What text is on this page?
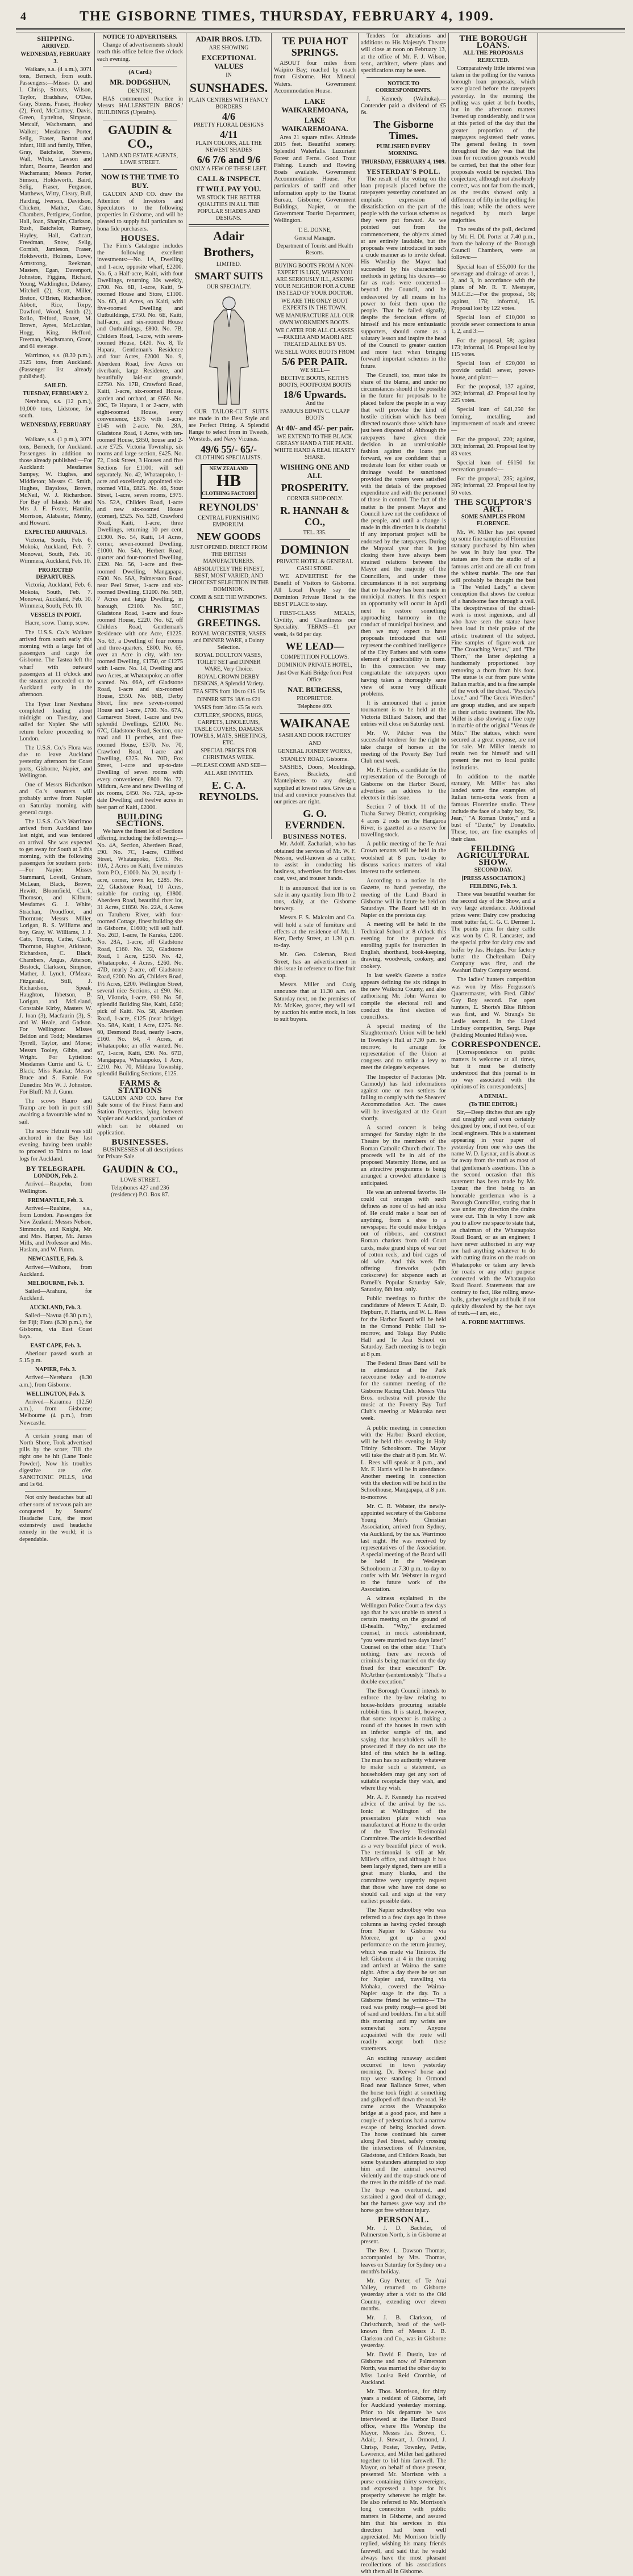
4	THE GISBORNE TIMES, THURSDAY, FEBRUARY 4, 1909.
SHIPPING.
ARRIVED.
WEDNESDAY, FEBRUARY 3.

Waikare, s.s. (4 a.m.), 3071 tons, Bernech, from south. Passengers:—Misses D. and I. Chrisp, Strouts, Wilson, Taylor, Bradshaw, O'Dea, Gray, Steens, Fraser, Hookey (2), Ford, McCartney, Davis, Green, Lyttelton, Simpson, Metcalf, Wachsmann, and Walker; Mesdames Porter, Selig, Fraser, Barton and infant, Hill and family, Tiffen, Gray, Batchelor, Stevens, Wall, White, Lawson and infant, Bourne, Beardon and Wachsmann; Messrs Porter, Simson, Holdsworth, Baird, Selig, Fraser, Ferguson, Matthews, Witty, Cleary, Bull, Harding, Iverson, Davidson, Chicken, Mather, Cato, Chambers, Pettigrew, Gordon, Hall, Ioan, Sharpin, Clarkson, Rush, Batchelor, Rumsey, Hayley, Hall, Cathcart, Freedman, Snow, Selig, Cornish, Jamieson, Fraser, Holdsworth, Holmes, Lowe, Armstrong, Reekman, Masters, Egan, Davenport, Johnston, Figgins, Richard, Young, Waddington, Delaney, Mitchell (2), Scott, Miller, Breton, O'Brien, Richardson, Abbott, Rice, Torpy, Dawford, Wood, Smith (2), Rollo, Telford, Baxter, M. Brown, Ayres, McLachlan, Hogg, King, Hefford, Freeman, Wachsmann, Grant, and 61 steerage.

Warrimoo, s.s. (8.30 p.m.), 3525 tons, from Auckland. (Passenger list already published).

SAILED.
TUESDAY, FEBRUARY 2.

Nerehana, s.s. (12 p.m.), 10,000 tons, Lidstone, for south.

WEDNESDAY, FEBRUARY 3.

Waikare, s.s. (1 p.m.), 3071 tons, Bernech, for Auckland. Passengers in addition to those already published:—For Auckland: Mesdames Sampey, W. Hughes, and Middleton; Messrs C. Smith, Hughes, Daysloss, Brown, McNeil, W. J. Richardson. For Bay of Islands: Mr and Mrs J. F. Foster, Hamlin, Morrison, Alabaster, Menny, and Howard.

EXPECTED ARRIVALS.

Victoria, South, Feb. 6. Mokoia, Auckland, Feb. 7. Monowai, South, Feb. 10. Wimmera, Auckland, Feb. 10.

PROJECTED DEPARTURES.

Victoria, Auckland, Feb. 6. Mokoia, South, Feb. 7. Monowai, Auckland, Feb. 10. Wimmera, South, Feb. 10.

VESSELS IN PORT.

Hacre, scow. Tramp, scow.

The U.S.S. Co.'s Waikare arrived from south early this morning with a large list of passengers and cargo for Gisborne. The Tastea left the wharf with outward passengers at 11 o'clock and the steamer proceeded on to Auckland early in the afternoon.

The Tyser liner Nerehana completed loading about midnight on Tuesday, and sailed for Napier. She will return before proceeding to London.

The U.S.S. Co.'s Flora was due to leave Auckland yesterday afternoon for Coast ports, Gisborne, Napier, and Wellington.

One of Messrs Richardson and Co.'s steamers will probably arrive from Napier on Saturday morning with general cargo.

The U.S.S. Co.'s Warrimoo arrived from Auckland late last night, and was tendered on arrival. She was expected to get away for South at 3 this morning, with the following passengers for southern ports:—For Napier: Misses Stammard, Lovell, Graham, McLean, Black, Brown, Hewitt, Bloomfield, Clark, Thomson, and Kilburn; Mesdames G. J. White, Strachan, Proudfoot, and Thornton; Messrs Miller, Lorigan, R. S. Williams and boy, Gray, W. Williams, J. J. Cato, Tromp, Cathe, Clark, Thornton, Hughes, Atkinson, Richardson, C. Black, Chambers, Angus, Atterson, Bostock, Clarkson, Simpson, Mather, J. Lynch, O'Meara, Fitzgerald, Still, J. Richardson, Speak, Haughton, Ibbetson, B. Lorigan, and McLeland, Constable Kirby, Masters W. J. Ioan (3), Macfaurin (3), S. and W. Heale, and Gadson. For Wellington: Misses Beldon and Todd; Mesdames Tyrrell, Taylor, and Morse; Messrs Tooley, Gibbs, and Wright. For Lyttelton: Mesdames Currie and G. C. Black; Miss Karaka; Messrs Bruce and S. Farnie. For Dunedin: Mrs W. J. Johnston. For Bluff: Mr J. Gunn.

The scows Hauro and Tramp are both in port still awaiting a favourable wind to sail.

The scow Hetraiti was still anchored in the Bay last evening, having been unable to proceed to Tairua to load logs for Auckland.

BY TELEGRAPH.
LONDON, Feb. 2.

Arrived—Ruapehu, from Wellington.

FREMANTLE, Feb. 3.

Arrived—Ruahine, s.s., from London. Passengers for New Zealand: Messrs Nelson, Simmonds, and Knight, Mr. and Mrs. Harper, Mr. James Mills, and Professor and Mrs. Haslam, and W. Pimm.

NEWCASTLE, Feb. 3.

Arrived—Waihora, from Auckland.

MELBOURNE, Feb. 3.

Sailed—Arahura, for Auckland.

AUCKLAND, Feb. 3.

Sailed—Navua (6.30 p.m.), for Fiji; Flora (6.30 p.m.), for Gisborne, via East Coast bays.

EAST CAPE, Feb. 3.

Aberlour passed south at 5.15 p.m.

NAPIER, Feb. 3.

Arrived—Nerehana (8.30 a.m.), from Gisborne.

WELLINGTON, Feb. 3.

Arrived—Karamea (12.50 a.m.), from Gisborne; Melbourne (4 p.m.), from Newcastle.

A certain young man of North Shore, Took advertised pills by the score; Till the right one he hit (Lane Tonic Powder), Now his troubles digestive are o'er. SANOTONIC PILLS, 1/0d and 1s 6d.

Not only headaches but all other sorts of nervous pain are conquered by Stearns' Headache Cure, the most extensively used headache remedy in the world; it is dependable.

NOTICE TO ADVERTISERS.

Change of advertisements should reach this office before five o'clock each evening.

(A Card.)
MR. DODGSHUN,
DENTIST,

HAS commenced Practice in Messrs HALLENSTEIN BROS.' BUILDINGS (Upstairs).

GAUDIN & CO.,
LAND AND ESTATE AGENTS, LOWE STREET.
NOW IS THE TIME TO BUY.

GAUDIN AND CO. draw the Attention of Investors and Speculators to the following properties in Gisborne, and will be pleased to supply full particulars to bona fide purchasers.

HOUSES.

The Firm's Catalogue includes the following excellent investments:—No. 1A, Dwelling and 1-acre, opposite wharf, £2200. No. 6, a Half-acre, Kaiti, with four Dwellings, returning 30s weekly, £700. No. 6B, 1-acre, Kaiti, 9-roomed House and Store, £1100. No. 6D, 41 Acres, on Kaiti, with five-roomed Dwelling and Outbuildings, £750. No. 6E, Kaiti, half-acre, and six-roomed House and Outbuildings, £800. No. 7B, Childers Road, 1-acre, with seven-roomed House, £420. No. 8, Te Hapara, Gentleman's Residence and four Acres, £2000. No. 9, Aberdeen Road, five Acres on riverbank, large Residence, and beautifully laid-out grounds, £2750. No. 17B, Crawford Road, Kaiti, 1-acre, six-roomed House, garden and orchard, at £650. No. 20C, Te Hapara, 1 or 2-acre, with eight-roomed House, every convenience, £875 with 1-acre, £145 with 2-acre. No. 28A, Gladstone Road, 1 Acres, with ten-roomed House, £850, house and 2-acre £725. Victoria Township, six rooms and large section, £425. No. 72, Cook Street, 3 Houses and five Sections for £1100; will sell separately. No. 42, Whataupoko, 1-acre and excellently appointed six-roomed Villa, £825. No. 46, Stout Street, 1-acre, seven rooms, £975. No. 52A, Childers Road, 1-acre and new six-roomed House (corner), £525. No. 52B, Crawford Road, Kaiti, 1-acre, three Dwellings, returning 10 per cent, £1300. No. 54, Kaiti, 14 Acres, corner, seven-roomed Dwelling, £1000. No. 54A, Herbert Road, quarter and four-roomed Dwelling, £320. No. 56, 1-acre and five-roomed Dwelling, Mangapapa, £500. No. 56A, Palmerston Road, near Peel Street, 1-acre and six-roomed Dwelling, £1200. No. 56B, 7 Acres and large Dwelling, in borough, £2100. No. 59C, Gladstone Road, 1-acre and four-roomed House, £220. No. 62, off Childers Road, Gentleman's Residence with one Acre, £1225. No. 63, a Dwelling of four rooms and three-quarters, £800. No. 65, over an Acre in city, with ten-roomed Dwelling, £1750, or £1275 with 1-acre. No. 14, Dwelling and two Acres, at Whataupoko; an offer wanted. No. 66A, off Gladstone Road, 1-acre and six-roomed House, £550. No. 66B, Derby Street, fine new seven-roomed House and 1-acre, £700. No. 67A, Carnarvon Street, 1-acre and two splendid Dwellings, £2100. No. 67C, Gladstone Road, Section, one road and 11 perches, and five-roomed House, £370. No. 70, Crawford Road, 1-acre and Dwelling, £325. No. 70D, Fox Street, 1-acre and up-to-date Dwelling of seven rooms with every convenience, £800. No. 72, Mildura, Acre and new Dwelling of six rooms, £450. No. 72A, up-to-date Dwelling and twelve acres in best part of Kaiti, £2000.

BUILDING SECTIONS.

We have the finest lot of Sections offering, including the following:—No. 4A, Section, Aberdeen Road, £90. No. 7C, 1-acre, Clifford Street, Whataupoko, £105. No. 10A, 2 Acres on Kaiti, five minutes from P.O., £1000. No. 20, nearly 1-acre, corner, town lot, £285. No. 22, Gladstone Road, 10 Acres, suitable for cutting up, £1800. Aberdeen Road, beautiful river lot, 31 Acres, £1850. No. 22A, 4 Acres on Taruheru River, with four-roomed Cottage, finest building site in Gisborne, £1600; will sell half. No. 26D, 1-acre, Te Karaka, £200. No. 28A, 1-acre, off Gladstone Road, £160. No. 32, Gladstone Road, 1 Acre, £250. No. 42, Whataupoko, 4 Acres, £260. No. 47D, nearly 2-acre, off Gladstone Road, £200. No. 46, Childers Road, 1½ Acres, £200. Wellington Street, several nice Sections, at £90. No. 50, Viktoria, 1-acre, £90. No. 56, splendid Building Site, Kaiti, £450; pick of Kaiti. No. 58, Aberdeen Road, 1-acre, £125 (near bridge). No. 58A, Kaiti, 1 Acre, £275. No. 60, Desmond Road, nearly 1-acre, £160. No. 64, 4 Acres, at Whataupoko; an offer wanted. No. 67, 1-acre, Kaiti, £90. No. 67D, Mangapapa, Whataupoko, 1 Acre, £210. No. 70, Mildura Township, splendid Building Sections, £125.

FARMS & STATIONS

GAUDIN AND CO. have For Sale some of the Finest Farm and Station Properties, lying between Napier and Auckland, particulars of which can be obtained on application.

BUSINESSES.

BUSINESSES of all descriptions for Private Sale.

GAUDIN & CO.,
LOWE STREET.

Telephones 427 and 236 (residence) P.O. Box 87.

ADAIR BROS. LTD.
ARE SHOWING
EXCEPTIONAL VALUES
IN
SUNSHADES.
PLAIN CENTRES WITH FANCY BORDERS
4/6
PRETTY FLORAL DESIGNS
4/11
PLAIN COLORS, ALL THE NEWEST SHADES
6/6 7/6 and 9/6
ONLY A FEW OF THESE LEFT.
CALL & INSPECT.
IT WILL PAY YOU.
WE STOCK THE BETTER QUALITIES IN ALL THE POPULAR SHADES AND DESIGNS.
Adair
Brothers,
LIMITED.
SMART SUITS
OUR SPECIALTY.

OUR TAILOR-CUT SUITS are made in the Best Style and are Perfect Fitting. A Splendid Range to select from in Tweeds, Worsteds, and Navy Vicunas.

49/6 55/- 65/-
CLOTHING SPECIALISTS.
NEW ZEALAND
HB
CLOTHING FACTORY
REYNOLDS'
CENTRAL FURNISHING EMPORIUM.
NEW GOODS
JUST OPENED. DIRECT FROM THE BRITISH MANUFACTURERS.
ABSOLUTELY THE FINEST, BEST, MOST VARIED, AND CHOICEST SELECTION IN THE DOMINION.
COME & SEE THE WINDOWS.
CHRISTMAS
GREETINGS.
ROYAL WORCESTER, VASES and DINNER WARE, a Dainty Selection.
ROYAL DOULTON VASES, TOILET SET and DINNER WARE, Very Choice.
ROYAL CROWN DERBY DESIGNS, A Splendid Variety.
TEA SETS from 10s to £15 15s
DINNER SETS 18/6 to £21
VASES from 3d to £5 5s each.
CUTLERY, SPOONS, RUGS, CARPETS, LINOLEUMS, TABLE COVERS, DAMASK TOWELS, MATS, SHEETINGS, ETC.
SPECIAL PRICES FOR CHRISTMAS WEEK.
—PLEASE COME AND SEE—
ALL ARE INVITED.
E. C. A. REYNOLDS.
TE PUIA HOT SPRINGS.

ABOUT four miles from Waipiro Bay; reached by coach from Gisborne. Hot Mineral Waters. Government Accommodation House.

LAKE WAIKAREMOANA,
LAKE WAIKAREMOANA.

Area 21 square miles. Altitude 2015 feet. Beautiful scenery. Splendid Waterfalls. Luxuriant Forest and Ferns. Good Trout Fishing. Launch and Rowing Boats available. Government Accommodation House. For particulars of tariff and other information apply to the Tourist Bureau, Gisborne; Government Buildings, Napier, or the Government Tourist Department, Wellington.

T. E. DONNE,
General Manager.
Department of Tourist and Health Resorts.
BUYING BOOTS FROM A NON-EXPERT IS LIKE, WHEN YOU ARE SERIOUSLY ILL, ASKING YOUR NEIGHBOR FOR A CURE INSTEAD OF YOUR DOCTOR.
WE ARE THE ONLY BOOT EXPERTS IN THE TOWN.
WE MANUFACTURE ALL OUR OWN WORKMEN'S BOOTS.
WE CATER FOR ALL CLASSES—PAKEHA AND MAORI ARE TREATED ALIKE BY US.
WE SELL WORK BOOTS FROM
5/6 PER PAIR.
WE SELL—
BECTIVE BOOTS, KEITH'S BOOTS, FOOTFORM BOOTS
18/6 Upwards.
And the
FAMOUS EDWIN C. CLAPP BOOTS
At 40/- and 45/- per pair.
WE EXTEND TO THE BLACK GREASY HAND A THE PEARL WHITE HAND A REAL HEARTY SHAKE.
WISHING ONE AND ALL
PROSPERITY.
CORNER SHOP ONLY.
R. HANNAH & CO.,
TEL. 335.
DOMINION
PRIVATE HOTEL & GENERAL CASH STORE.

WE ADVERTISE for the Benefit of Visitors to Gisborne. All Local People say the Dominion Private Hotel is the BEST PLACE to stay.

FIRST-CLASS MEALS, Civility, and Cleanliness our Speciality. TERMS—£1 per week, 4s 6d per day.

WE LEAD—
COMPETITION FOLLOWS.
DOMINION PRIVATE HOTEL,
Just Over Kaiti Bridge from Post Office.
NAT. BURGESS,
PROPRIETOR.
Telephone 409.
WAIKANAE
SASH AND DOOR FACTORY
AND
GENERAL JOINERY WORKS,
STANLEY ROAD, Gisborne.

SASHES, Doors, Mouldings, Eaves, Brackets, and Mantelpieces to any design, supplied at lowest rates. Give us a trial and convince yourselves that our prices are right.

G. O. EVERNDEN.
BUSINESS NOTES.

Mr. Adolf. Zachariah, who has obtained the services of Mr. W. F. Nesson, well-known as a cutter, to assist in conducting his business, advertises for first-class coat, vest, and trouser hands.

It is announced that ice is on sale in any quantity from 1lb to 2 tons, daily, at the Gisborne brewery.

Messrs F. S. Malcolm and Co. will hold a sale of furniture and effects at the residence of Mr. J. Kerr, Derby Street, at 1.30 p.m. to-day.

Mr. Geo. Coleman, Read Street, has an advertisement in this issue in reference to fine fruit shop.

Messrs Miller and Craig announce that at 11.30 a.m. on Saturday next, on the premises of Mr. McKee, grocer, they will sell by auction his entire stock, in lots to suit buyers.

Tenders for alterations and additions to His Majesty's Theatre will close at noon on February 13, at the office of Mr. F. J. Wilson, senr., architect, where plans and specifications may be seen.

NOTICE TO CORRESPONDENTS.

J. Kennedy (Waihuka).—Contender paid a dividend of £5 6s.

The Gisborne Times.
PUBLISHED EVERY MORNING.
THURSDAY, FEBRUARY 4, 1909.
YESTERDAY'S POLL.

The result of the voting on the loan proposals placed before the ratepayers yesterday constituted an emphatic expression of dissatisfaction on the part of the people with the various schemes as they were put forward. As we pointed out from the commencement, the objects aimed at are entirely laudable, but the proposals were introduced in such a crude manner as to invite defeat. His Worship the Mayor had succeeded by his characteristic methods in getting his desires—so far as roads were concerned—beyond the Council, and he endeavored by all means in his power to foist them upon the people. That he failed signally, despite the ferocious efforts of himself and his more enthusiastic supporters, should come as a salutary lesson and inspire the head of the Council to greater caution and more tact when bringing forward important schemes in the future.

The Council, too, must take its share of the blame, and under no circumstances should it be possible in the future for proposals to be placed before the people in a way that will provoke the kind of hostile criticism which has been directed towards those which have just been disposed of. Although the ratepayers have given their decision in an unmistakable fashion against the loans put forward, we are confident that a moderate loan for either roads or drainage would be sanctioned provided the voters were satisfied with the details of the proposed expenditure and with the personnel of those in control. The fact of the matter is the present Mayor and Council have not the confidence of the people, and until a change is made in this direction it is doubtful if any important project will be endorsed by the ratepayers. During the Mayoral year that is just closing there have always been strained relations between the Mayor and the majority of the Councillors, and under these circumstances it is not surprising that no headway has been made in municipal matters. In this respect an opportunity will occur in April next to restore something approaching harmony in the conduct of municipal business, and then we may expect to have proposals introduced that will represent the combined intelligence of the City Fathers and with some element of practicability in them. In this connection we may congratulate the ratepayers upon having taken a thoroughly sane view of some very difficult problems.

It is announced that a junior tournament is to be held at the Victoria Billiard Saloon, and that entries will close on Saturday next.

Mr. W. Pilcher was the successful tenderer for the right to take charge of horses at the meeting of the Poverty Bay Turf Club next week.

Mr. F. Harris, a candidate for the representation of the Borough of Gisborne on the Harbor Board, advertises an address to the electors in this issue.

Section 7 of block 11 of the Tuaha Survey District, comprising 4 acres 2 rods on the Hangaroa River, is gazetted as a reserve for travelling stock.

A public meeting of the Te Arai Crown tenants will be held in the woolshed at 8 p.m. to-day to discuss various matters of vital interest to the settlement.

According to a notice in the Gazette, to hand yesterday, the meeting of the Land Board in Gisborne will in future be held on Saturdays. The Board will sit in Napier on the previous day.

A meeting will be held in the Technical School at 8 o'clock this evening for the purpose of enrolling pupils for instruction in English, shorthand, book-keeping, drawing, woodwork, cookery, and cookery.

In last week's Gazette a notice appears defining the six ridings in the new Waikohu County, and also authorising Mr. John Warren to compile the electoral roll and conduct the first election of councillors.

A special meeting of the Slaughtermen's Union will be held in Townley's Hall at 7.30 p.m. to-morrow, to arrange for representation of the Union at congress and to strike a levy to meet the delegate's expenses.

The Inspector of Factories (Mr. Carmody) has laid informations against one or two settlers for failing to comply with the Shearers' Accommodation Act. The cases will be investigated at the Court shortly.

A sacred concert is being arranged for Sunday night in the Theatre by the members of the Roman Catholic Church choir. The proceeds will be in aid of the proposed Maternity Home, and as an attractive programme is being arranged a crowded attendance is anticipated.

He was an universal favorite. He could cut oranges with such deftness as none of us had an idea of. He could make a boat out of anything, from a shoe to a newspaper. He could make bridges out of ribbons, and construct Roman chariots from old Court cards, make grand ships of war out of cotton reels, and bird cages of old wire. And this week I'm offering fireworks (with corkscrew) for sixpence each at Parnell's Popular Saturday Sale, Saturday, 6th inst. only.

Public meetings to further the candidature of Messrs T. Adair, D. Hepburn, F. Harris, and W. L. Rees for the Harbor Board will be held in the Ormond Public Hall to-morrow, and Tolaga Bay Public Hall and Te Arai School on Saturday. Each meeting is to begin at 8 p.m.

The Federal Brass Band will be in attendance at the Park racecourse today and to-morrow for the summer meeting of the Gisborne Racing Club. Messrs Vita Bros. orchestra will provide the music at the Poverty Bay Turf Club's meeting at Makaraka next week.

A public meeting, in connection with the Harbor Board election, will be held this evening in Holy Trinity Schoolroom. The Mayor will take the chair at 8 p.m. Mr. W. L. Rees will speak at 8 p.m., and Mr. F. Harris will be in attendance. Another meeting in connection with the election will be held in the Schoolhouse, Mangapapa, at 8 p.m. to-morrow.

Mr. C. R. Webster, the newly-appointed secretary of the Gisborne Young Men's Christian Association, arrived from Sydney, via Auckland, by the s.s. Warrimoo last night. He was received by representatives of the Association. A special meeting of the Board will be held in the Wesleyan Schoolroom at 7.30 p.m. to-day to confer with Mr. Webster in regard to the future work of the Association.

A witness explained in the Wellington Police Court a few days ago that he was unable to attend a certain meeting on the ground of ill-health. "Why," exclaimed counsel, in mock astonishment, "you were married two days later!" Counsel on the other side: "That's nothing; there are records of criminals being married on the day fixed for their execution!" Dr. McArthur (sententiously): "That's a double execution."

The Borough Council intends to enforce the by-law relating to house-holders procuring suitable rubbish tins. It is stated, however, that some inspector is making a round of the houses in town with an inferior sample of tin, and saying that householders will be prosecuted if they do not use the kind of tins which he is selling. The man has no authority whatever to make such a statement, as householders may get any sort of suitable receptacle they wish, and where they wish.

Mr. A. F. Kennedy has received advice of the arrival by the s.s. Ionic at Wellington of the presentation plate which was manufactured at Home to the order of the Townley Testimonial Committee. The article is described as a very beautiful piece of work. The testimonial is still at Mr. Miller's office, and although it has been largely signed, there are still a great many blanks, and the committee very urgently request that those who have not done so should call and sign at the very earliest possible date.

The Napier schoolboy who was referred to a few days ago in these columns as having cycled through from Napier to Gisborne via Moreee, got up a good performance on the return journey, which was made via Tiniroto. He left Gisborne at 4 in the morning and arrived at Wairoa the same night. After a day there he set out for Napier and, travelling via Mohaka, covered the Wairoa-Napier stage in the day. To a Gisborne friend he writes:—"The road was pretty rough—a good bit of sand and boulders. I'm a bit stiff this morning and my wrists are somewhat sore." Anyone acquainted with the route will readily accept both these statements.

An exciting runaway accident occurred in town yesterday morning. Dr. Reeves' horse and trap were standing in Ormond Road near Ballance Street, when the horse took fright at something and galloped off down the road. He came across the Whataupoko bridge at a good pace, and here a couple of pedestrians had a narrow escape of being knocked down. The horse continued his career along Peel Street, safely crossing the intersections of Palmerston, Gladstone, and Childers Roads, but some bystanders attempted to stop him and the animal swerved violently and the trap struck one of the trees in the middle of the road. The trap was overturned, and sustained a good deal of damage, but the harness gave way and the horse got free without injury.

PERSONAL.

Mr. J. D. Bacheler, of Palmerston North, is in Gisborne at present.

The Rev. L. Dawson Thomas, accompanied by Mrs. Thomas, leaves on Saturday for Sydney on a month's holiday.

Mr. Guy Porter, of Te Arai Valley, returned to Gisborne yesterday after a visit to the Old Country, extending over eleven months.

Mr. J. B. Clarkson, of Christchurch, head of the well-known firm of Messrs J. B. Clarkson and Co., was in Gisborne yesterday.

Mr. David E. Dustin, late of Gisborne and now of Palmerston North, was married the other day to Miss Louisa Reid Crombie, of Auckland.

Mr. Thos. Morrison, for thirty years a resident of Gisborne, left for Auckland yesterday morning. Prior to his departure he was interviewed at the Harbor Board office, where His Worship the Mayor, Messrs Jas. Brown, C. Adair, J. Stewart, J. Ormond, J. Chrisp, Foster, Townley, Pettie, Lawrence, and Miller had gathered together to bid him farewell. The Mayor, on behalf of those present, presented Mr. Morrison with a purse containing thirty sovereigns, and expressed a hope for his prosperity wherever he might be. He also referred to Mr. Morrison's long connection with public matters in Gisborne, and assured him that his services in this direction had been well appreciated. Mr. Morrison briefly replied, wishing his many friends farewell, and said that he would always have the most pleasant recollections of his associations with them all in Gisborne.

THE BOROUGH LOANS.
ALL THE PROPOSALS REJECTED.

Comparatively little interest was taken in the polling for the various borough loan proposals, which were placed before the ratepayers yesterday. In the morning the polling was quiet at both booths, but in the afternoon matters livened up considerably, and it was at this period of the day that the greater proportion of the ratepayers registered their votes. The general feeling in town throughout the day was that the loan for recreation grounds would be carried, but that the other four proposals would be rejected. This conjecture, although not absolutely correct, was not far from the mark, as the results showed only a difference of fifty in the polling for this loan; while the others were negatived by much larger majorities.

The results of the poll, declared by Mr. H. DL Porter at 7.40 p.m., from the balcony of the Borough Council Chambers, were as follows:—

Special loan of £55,000 for the sewerage and drainage of areas 1, 2, and 3, in accordance with the plans of Mr. R. T. Mestayer, M.I.C.E.:—For the proposal, 56; against, 178; informal, 15. Proposal lost by 122 votes.

Special loan of £10,000 to provide sewer connections to areas 1, 2, and 3:—

For the proposal, 58; against 173; informal, 16. Proposal lost by 115 votes.

Special loan of £20,000 to provide outfall sewer, power-house, and plant:—

For the proposal, 137 against, 262; informal, 42. Proposal lost by 225 votes.

Special loan of £41,250 for forming, metalling, and improvement of roads and streets:—

For the proposal, 220; against, 303; informal, 20. Proposal lost by 83 votes.

Special loan of £6150 for recreation grounds:—

For the proposal, 235; against, 285; informal, 22. Proposal lost by 50 votes.

THE SCULPTOR'S ART.
SOME SAMPLES FROM FLORENCE.

Mr. W. Miller has just opened up some fine samples of Florentine statuary purchased by him when he was in Italy last year. The statues are from the studio of a famous artist and are all cut from the whitest marble. The one that will probably be thought the best is "The Veiled Lady," a clever conception that shows the contour of a handsome face through a veil. The deceptiveness of the chisel-work is most ingenious, and all who have seen the statue have been loud in their praise of the artistic treatment of the subject. Fine samples of figure-work are "The Crouching Venus," and "The Thorn," the latter depicting a handsomely proportioned boy removing a thorn from his foot. The statue is cut from pure white Italian marble, and is a fine sample of the work of the chisel. "Psyche's Love," and "The Greek Wrestlers" are group studies, and are superb in their artistic treatment. The Mr. Miller is also showing a fine copy in marble of the original "Venus de Milo." The statues, which were secured at a great expense, are not for sale. Mr. Miller intends to retain two for himself and will present the rest to local public institutions.

In addition to the marble statuary, Mr. Miller has also landed some fine examples of Italian terra-cotta work from a famous Florentine studio. These include the face of a baby boy, "St. Jean," "A Roman Orator," and a bust of "Dante," by Donatello. These, too, are fine examples of their class.

FEILDING AGRICULTURAL SHOW.
SECOND DAY.
[PRESS ASSOCIATION.]
FEILDING, Feb. 3.

There was beautiful weather for the second day of the Show, and a very large attendance. Additional prizes were: Dairy cow producing most butter fat, C. G. C. Dermer 1. The points prize for dairy cattle was won by C. R. Lancaster, and the special prize for dairy cow and heifer by Jas. Hodges. For factory butter the Cheltenham Dairy Company was first, and the Awahuri Dairy Company second.

The ladies' hunters competition was won by Miss Fergusson's Quartermaster, with Fred. Gibbs' Gay Boy second. For open hunters, E. Shorts's Blue Ribbon was first, and W. Strang's Sir Leslie second. In the Lloyd Lindsay competition, Sergt. Page (Feilding Mounted Rifles) won.

CORRESPONDENCE.

[Correspondence on public matters is welcome at all times, but it must be distinctly understood that this journal is in no way associated with the opinions of its correspondents.]

A DENIAL.
(To THE EDITOR.)

Sir,—Deep ditches that are ugly and unsightly and even certainly designed by one, if not two, of our local engineers. This is a statement appearing in your paper of yesterday from one who uses the name W. D. Lysnar, and is about as far away from the truth as most of that gentleman's assertions. This is the second occasion that this statement has been made by Mr. Lysnar, the first being to an honorable gentleman who is a Borough Councillor, stating that it was under my direction the drains were cut. This is why I now ask you to allow me space to state that, as chairman of the Whataupoko Road Board, or as an engineer, I have never authorised in any way nor had anything whatever to do with cutting drains on the roads on Whataupoko or taken any levels for roads or any other purpose connected with the Whataupoko Road Board. Statements that are contrary to fact, like rolling snow-balls, gather weight and bulk if not quickly dissolved by the hot rays of truth.—I am, etc.,

A. FORDE MATTHEWS.
